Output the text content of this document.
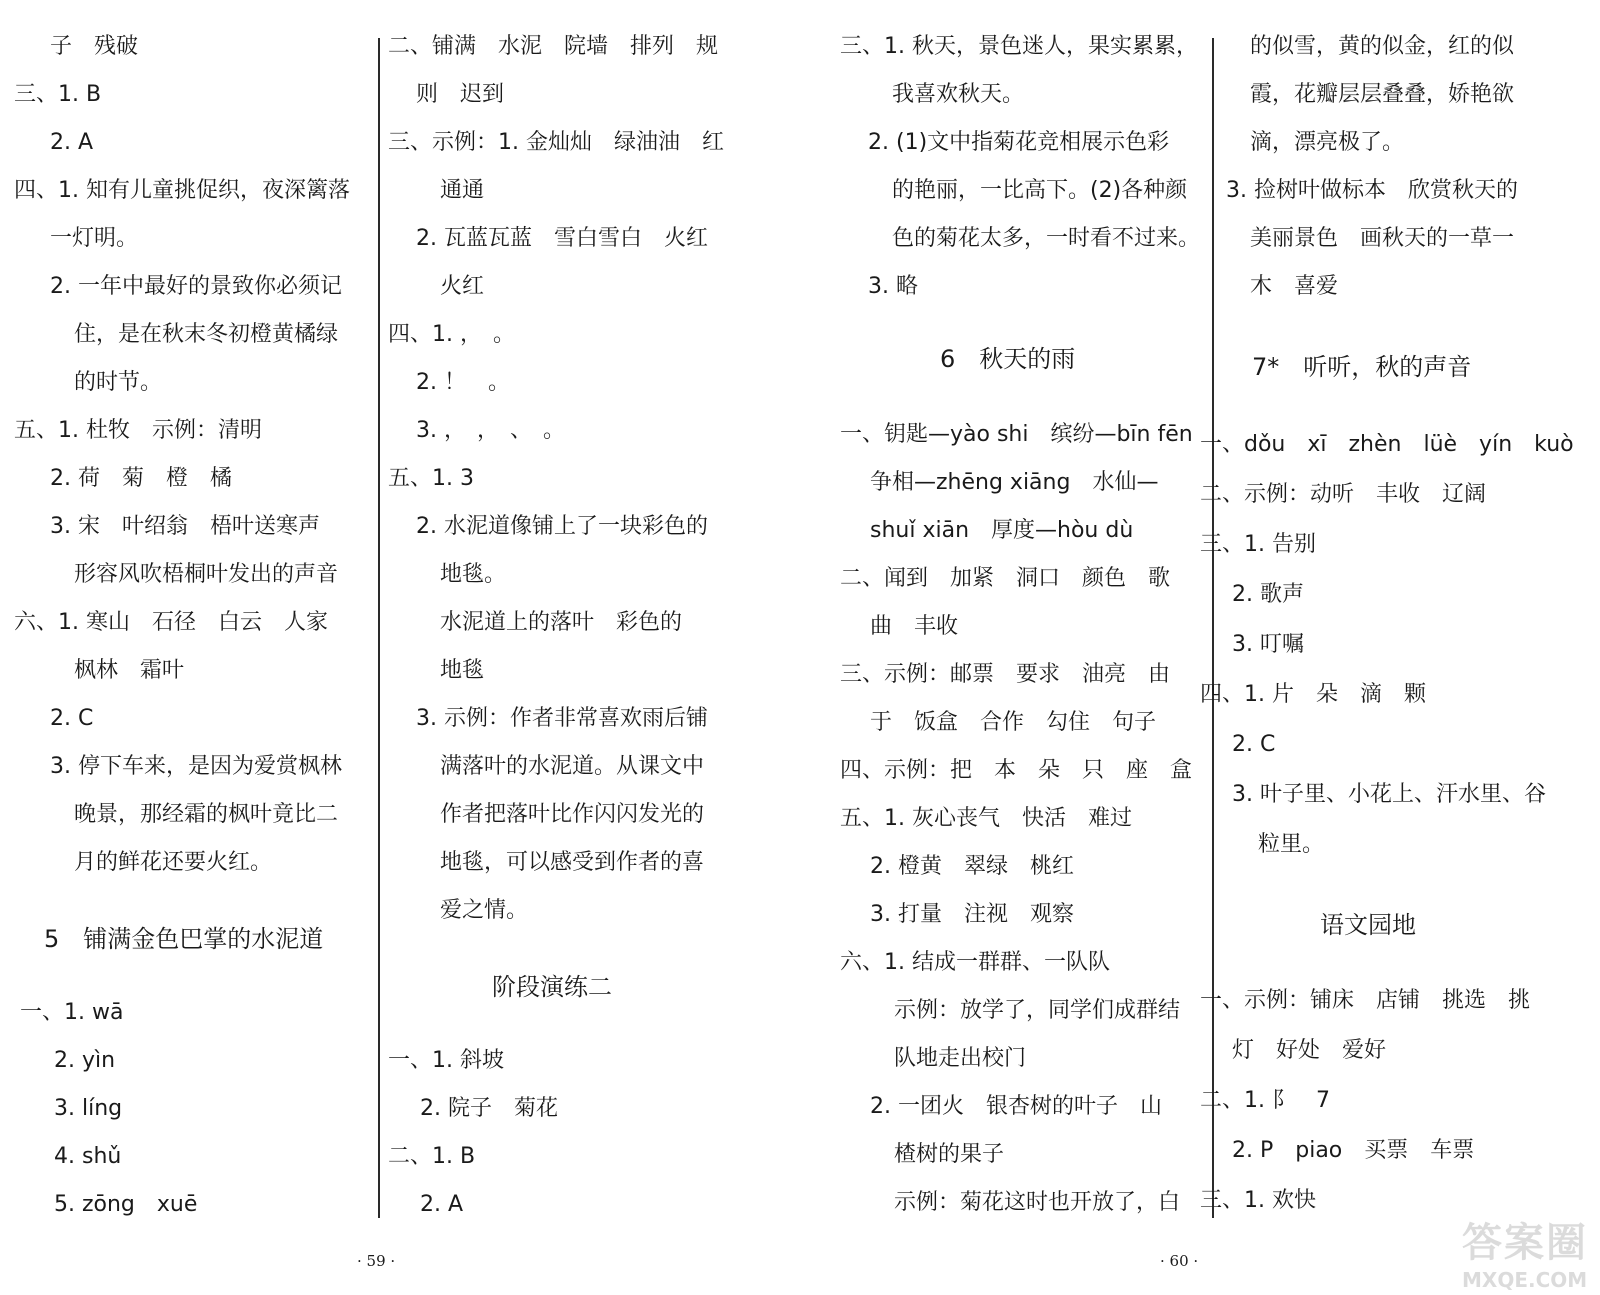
子　残破
三、1. B
2. A
四、1. 知有儿童挑促织，夜深篱落
一灯明。
2. 一年中最好的景致你必须记
住，是在秋末冬初橙黄橘绿
的时节。
五、1. 杜牧　示例：清明
2. 荷　菊　橙　橘
3. 宋　叶绍翁　梧叶送寒声
形容风吹梧桐叶发出的声音
六、1. 寒山　石径　白云　人家
枫林　霜叶
2. C
3. 停下车来，是因为爱赏枫林
晚景，那经霜的枫叶竟比二
月的鲜花还要火红。
5　铺满金色巴掌的水泥道
一、1. wā
2. yìn
3. líng
4. shǔ
5. zōng　xuē
二、铺满　水泥　院墙　排列　规
则　迟到
三、示例：1. 金灿灿　绿油油　红
通通
2. 瓦蓝瓦蓝　雪白雪白　火红
火红
四、1. ，　。
2. ！　。
3. ，　，　、　。
五、1. 3
2. 水泥道像铺上了一块彩色的
地毯。
水泥道上的落叶　彩色的
地毯
3. 示例：作者非常喜欢雨后铺
满落叶的水泥道。从课文中
作者把落叶比作闪闪发光的
地毯，可以感受到作者的喜
爱之情。
阶段演练二
一、1. 斜坡
2. 院子　菊花
二、1. B
2. A
· 59 ·
三、1. 秋天，景色迷人，果实累累，
我喜欢秋天。
2. (1)文中指菊花竞相展示色彩
的艳丽，一比高下。(2)各种颜
色的菊花太多，一时看不过来。
3. 略
6　秋天的雨
一、钥匙—yào shi　缤纷—bīn fēn
争相—zhēng xiāng　水仙—
shuǐ xiān　厚度—hòu dù
二、闻到　加紧　洞口　颜色　歌
曲　丰收
三、示例：邮票　要求　油亮　由
于　饭盒　合作　勾住　句子
四、示例：把　本　朵　只　座　盒
五、1. 灰心丧气　快活　难过
2. 橙黄　翠绿　桃红
3. 打量　注视　观察
六、1. 结成一群群、一队队
示例：放学了，同学们成群结
队地走出校门
2. 一团火　银杏树的叶子　山
楂树的果子
示例：菊花这时也开放了，白
的似雪，黄的似金，红的似
霞，花瓣层层叠叠，娇艳欲
滴，漂亮极了。
3. 捡树叶做标本　欣赏秋天的
美丽景色　画秋天的一草一
木　喜爱
7*　听听，秋的声音
一、dǒu　xī　zhèn　lüè　yín　kuò
二、示例：动听　丰收　辽阔
三、1. 告别
2. 歌声
3. 叮嘱
四、1. 片　朵　滴　颗
2. C
3. 叶子里、小花上、汗水里、谷
粒里。
语文园地
一、示例：铺床　店铺　挑选　挑
灯　好处　爱好
二、1. 阝　7
2. P　piao　买票　车票
三、1. 欢快
· 60 ·	答案圈
MXQE.COM
